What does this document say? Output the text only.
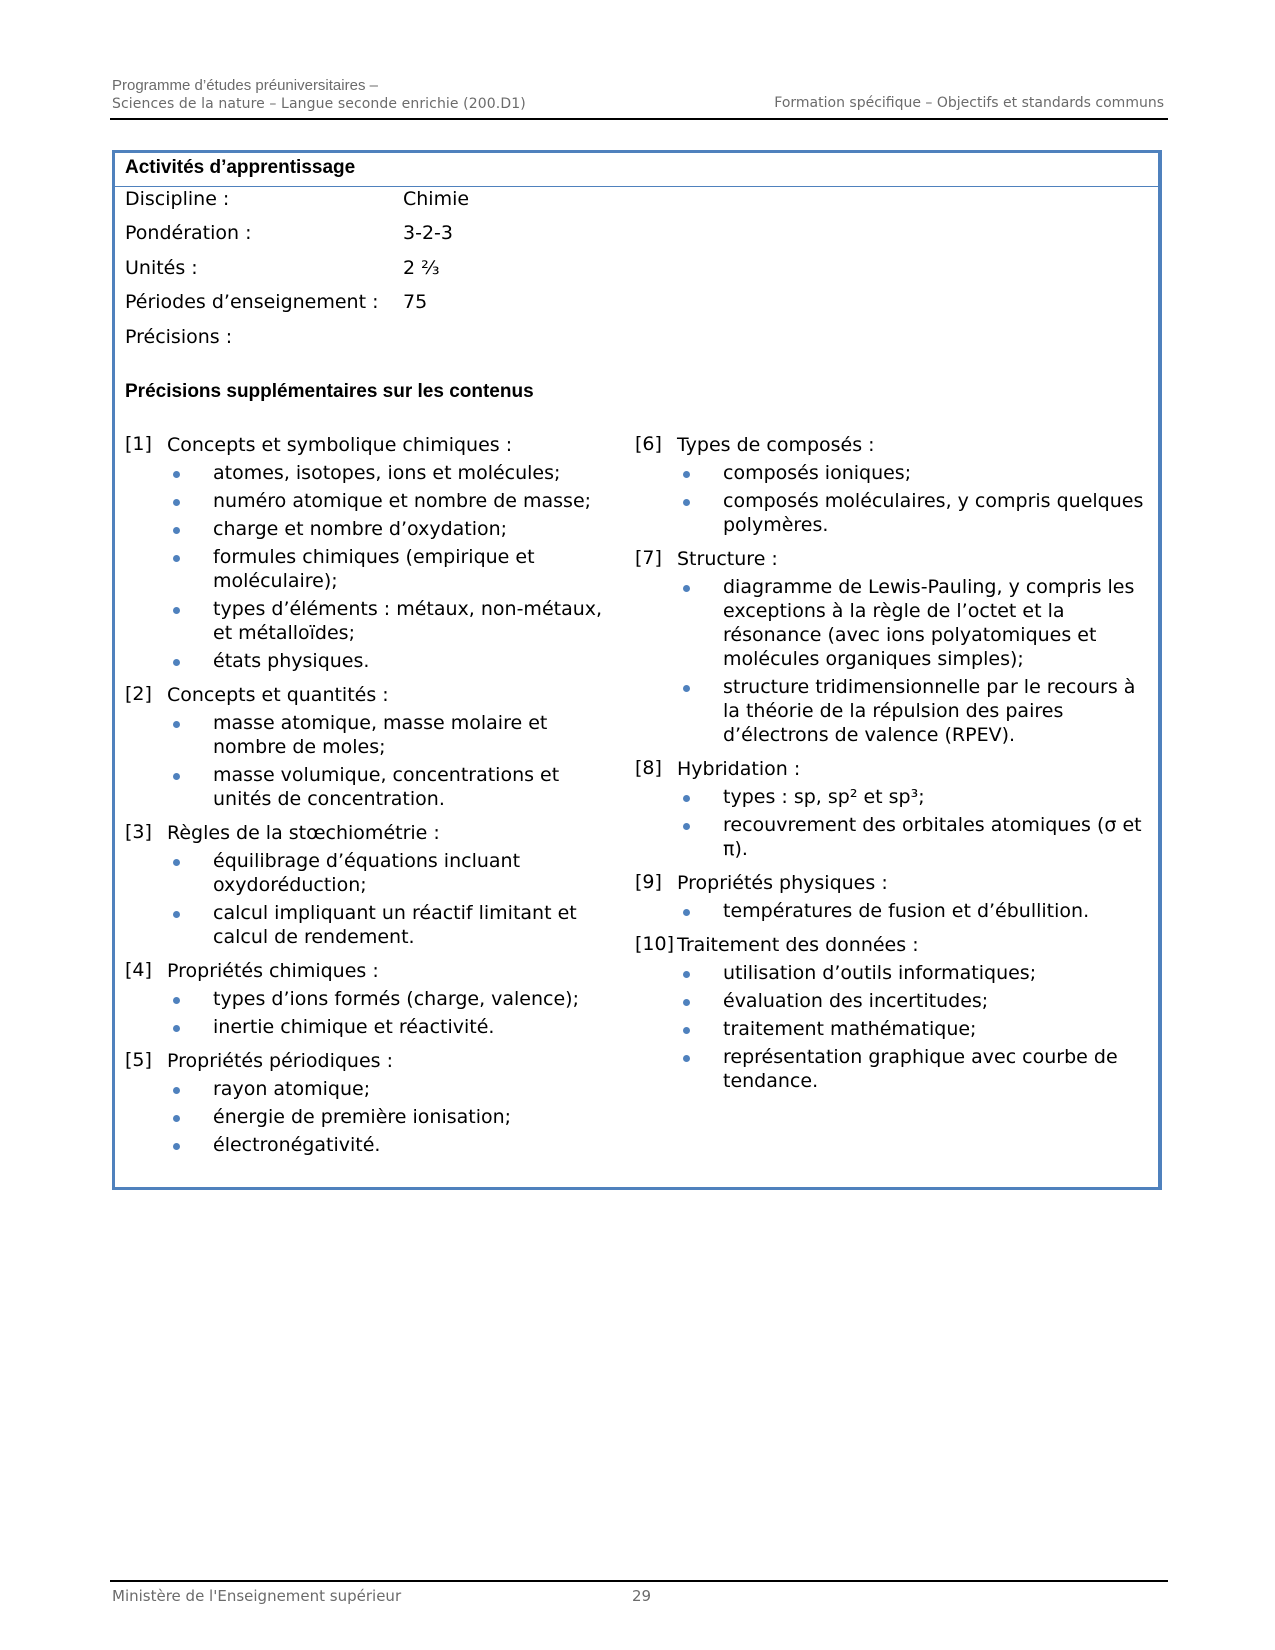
Programme d’études préuniversitaires –
Sciences de la nature – Langue seconde enrichie (200.D1)	Formation spécifique – Objectifs et standards communs
Activités d’apprentissage
Discipline :	Chimie
Pondération :	3-2-3
Unités :	2 ⅔
Périodes d’enseignement : 75
Précisions :
Précisions supplémentaires sur les contenus
[1] Concepts et symbolique chimiques :
atomes, isotopes, ions et molécules;
numéro atomique et nombre de masse;
charge et nombre d’oxydation;
formules chimiques (empirique et moléculaire);
types d’éléments : métaux, non-métaux, et métalloïdes;
états physiques.
[2] Concepts et quantités :
masse atomique, masse molaire et nombre de moles;
masse volumique, concentrations et unités de concentration.
[3] Règles de la stœchiométrie :
équilibrage d’équations incluant oxydoréduction;
calcul impliquant un réactif limitant et calcul de rendement.
[4] Propriétés chimiques :
types d’ions formés (charge, valence);
inertie chimique et réactivité.
[5] Propriétés périodiques :
rayon atomique;
énergie de première ionisation;
électronégativité.
[6] Types de composés :
composés ioniques;
composés moléculaires, y compris quelques polymères.
[7] Structure :
diagramme de Lewis-Pauling, y compris les exceptions à la règle de l’octet et la résonance (avec ions polyatomiques et molécules organiques simples);
structure tridimensionnelle par le recours à la théorie de la répulsion des paires d’électrons de valence (RPEV).
[8] Hybridation :
types : sp, sp² et sp³;
recouvrement des orbitales atomiques (σ et π).
[9] Propriétés physiques :
températures de fusion et d’ébullition.
[10] Traitement des données :
utilisation d’outils informatiques;
évaluation des incertitudes;
traitement mathématique;
représentation graphique avec courbe de tendance.
Ministère de l'Enseignement supérieur	29
